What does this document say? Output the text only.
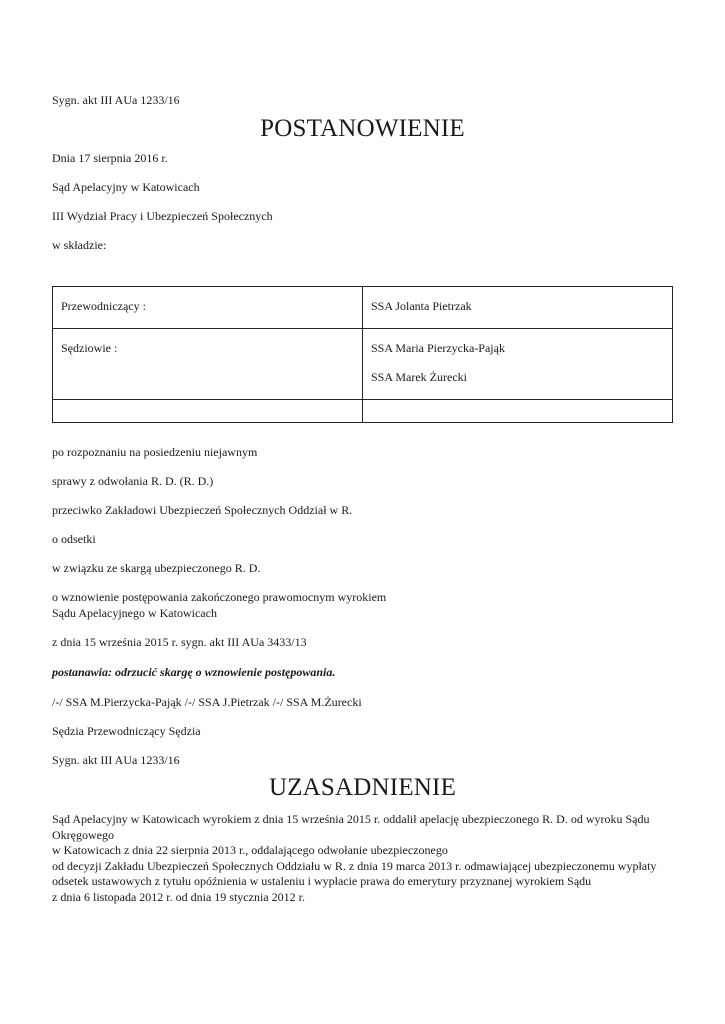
Sygn. akt III AUa 1233/16
POSTANOWIENIE
Dnia 17 sierpnia 2016 r.
Sąd Apelacyjny w Katowicach
III Wydział Pracy i Ubezpieczeń Społecznych
w składzie:
Przewodniczący :	SSA Jolanta Pietrzak
Sędziowie :	SSA Maria Pierzycka-Pająk
SSA Marek Żurecki

po rozpoznaniu na posiedzeniu niejawnym
sprawy z odwołania R. D. (R. D.)
przeciwko Zakładowi Ubezpieczeń Społecznych Oddział w R.
o odsetki
w związku ze skargą ubezpieczonego R. D.
o wznowienie postępowania zakończonego prawomocnym wyrokiem
Sądu Apelacyjnego w Katowicach
z dnia 15 września 2015 r. sygn. akt III AUa 3433/13
postanawia: odrzucić skargę o wznowienie postępowania.
/-/ SSA M.Pierzycka-Pająk /-/ SSA J.Pietrzak /-/ SSA M.Żurecki
Sędzia Przewodniczący Sędzia
Sygn. akt III AUa 1233/16
UZASADNIENIE
Sąd Apelacyjny w Katowicach wyrokiem z dnia 15 września 2015 r. oddalił apelację ubezpieczonego R. D. od wyroku Sądu Okręgowego
w Katowicach z dnia 22 sierpnia 2013 r., oddalającego odwołanie ubezpieczonego
od decyzji Zakładu Ubezpieczeń Społecznych Oddziału w R. z dnia 19 marca 2013 r. odmawiającej ubezpieczonemu wypłaty odsetek ustawowych z tytułu opóźnienia w ustaleniu i wypłacie prawa do emerytury przyznanej wyrokiem Sądu
z dnia 6 listopada 2012 r. od dnia 19 stycznia 2012 r.
